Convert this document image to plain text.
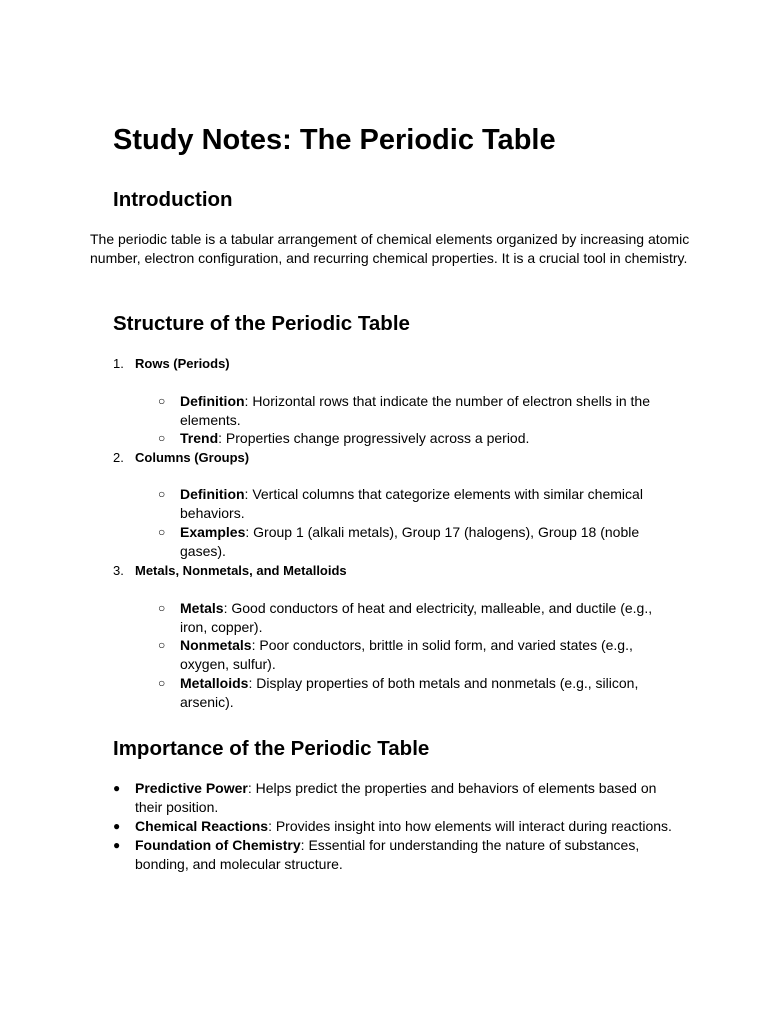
Study Notes: The Periodic Table
Introduction

The periodic table is a tabular arrangement of chemical elements organized by increasing atomic number, electron configuration, and recurring chemical properties. It is a crucial tool in chemistry.

Structure of the Periodic Table
1. Rows (Periods)
○ Definition: Horizontal rows that indicate the number of electron shells in the elements.
○ Trend: Properties change progressively across a period.
2. Columns (Groups)
○ Definition: Vertical columns that categorize elements with similar chemical behaviors.
○ Examples: Group 1 (alkali metals), Group 17 (halogens), Group 18 (noble gases).
3. Metals, Nonmetals, and Metalloids
○ Metals: Good conductors of heat and electricity, malleable, and ductile (e.g., iron, copper).
○ Nonmetals: Poor conductors, brittle in solid form, and varied states (e.g., oxygen, sulfur).
○ Metalloids: Display properties of both metals and nonmetals (e.g., silicon, arsenic).
Importance of the Periodic Table
● Predictive Power: Helps predict the properties and behaviors of elements based on their position.
● Chemical Reactions: Provides insight into how elements will interact during reactions.
● Foundation of Chemistry: Essential for understanding the nature of substances, bonding, and molecular structure.
